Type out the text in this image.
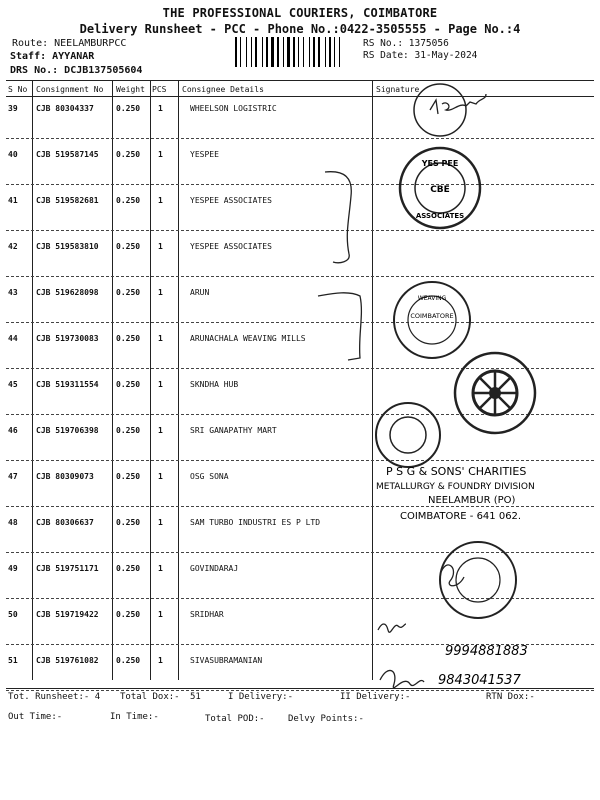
THE PROFESSIONAL COURIERS, COIMBATORE
Delivery Runsheet - PCC - Phone No.:0422-3505555 - Page No.:4
Route: NEELAMBURPCC
Staff: AYYANAR
DRS No.: DCJB137505604
RS No.: 1375056
RS Date: 31-May-2024
S No Consignment No Weight PCS Consignee Details	Signature
39 CJB 80304337	0.250 1	WHEELSON LOGISTRIC
40 CJB 519587145 0.250 1	YESPEE
41 CJB 519582681 0.250 1	YESPEE ASSOCIATES
42 CJB 519583810 0.250 1	YESPEE ASSOCIATES
43 CJB 519628098 0.250 1	ARUN
44 CJB 519730083 0.250 1	ARUNACHALA WEAVING MILLS
45 CJB 519311554 0.250 1	SKNDHA HUB
46 CJB 519706398 0.250 1	SRI GANAPATHY MART
47 CJB 80309073	0.250 1	OSG SONA
48 CJB 80306637	0.250 1	SAM TURBO INDUSTRI ES P LTD
49 CJB 519751171 0.250 1	GOVINDARAJ
50 CJB 519719422 0.250 1	SRIDHAR
51 CJB 519761082 0.250 1	SIVASUBRAMANIAN
YES PEE
ASSOCIATES
CBE
COIMBATORE
WEAVING
P S G & SONS' CHARITIES
METALLURGY & FOUNDRY DIVISION
NEELAMBUR (PO)
COIMBATORE - 641 062.
9994881883
9843041537
Tot. Runsheet:- 4 Total Dox:- 51	I Delivery:-	II Delivery:-	RTN Dox:-
Out Time:-	In Time:-	Total POD:-	Delvy Points:-
